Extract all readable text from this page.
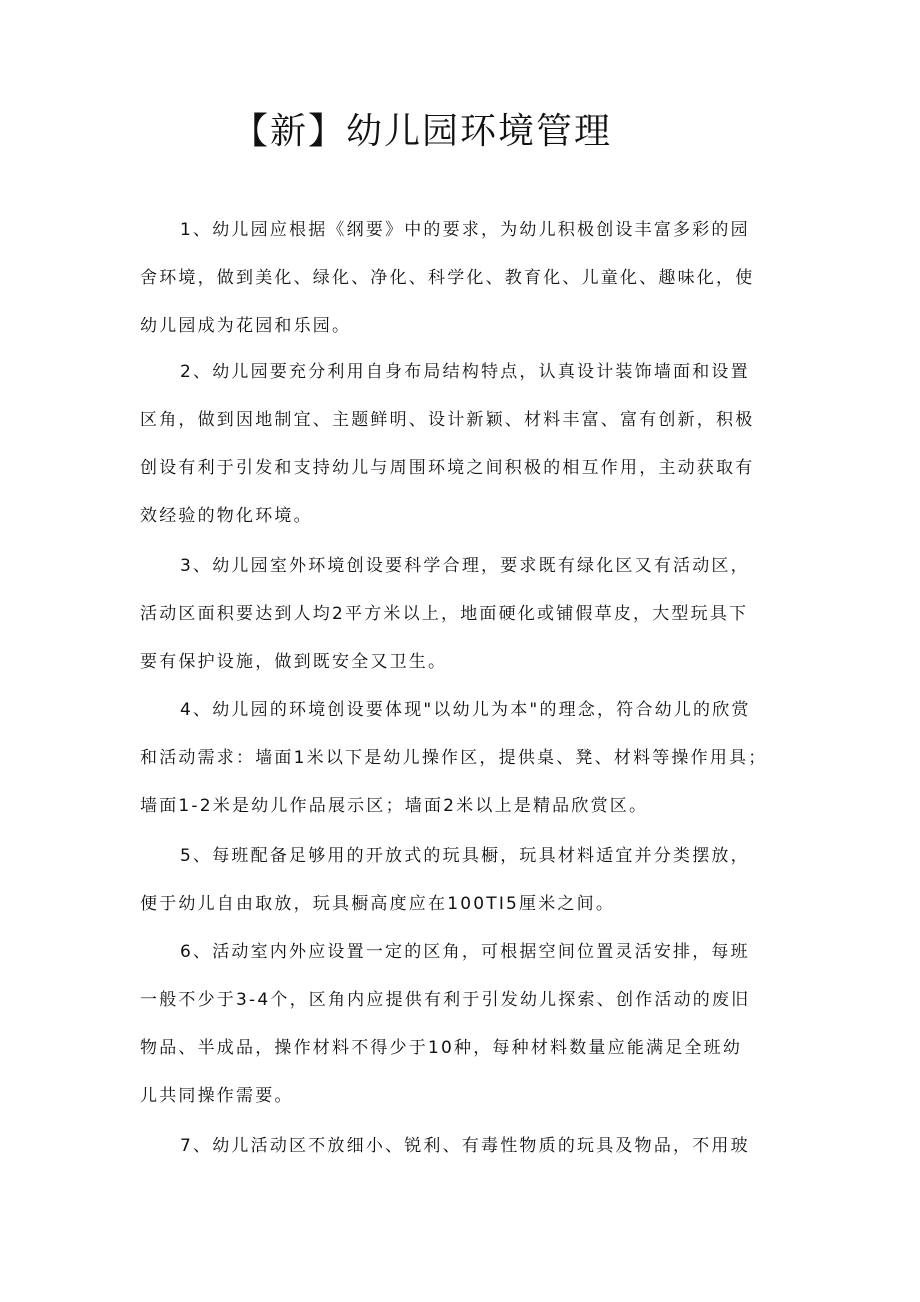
【新】幼儿园环境管理
1、幼儿园应根据《纲要》中的要求，为幼儿积极创设丰富多彩的园
舍环境，做到美化、绿化、净化、科学化、教育化、儿童化、趣味化，使
幼儿园成为花园和乐园。
2、幼儿园要充分利用自身布局结构特点，认真设计装饰墙面和设置
区角，做到因地制宜、主题鲜明、设计新颖、材料丰富、富有创新，积极
创设有利于引发和支持幼儿与周围环境之间积极的相互作用，主动获取有
效经验的物化环境。
3、幼儿园室外环境创设要科学合理，要求既有绿化区又有活动区，
活动区面积要达到人均2平方米以上，地面硬化或铺假草皮，大型玩具下
要有保护设施，做到既安全又卫生。
4、幼儿园的环境创设要体现"以幼儿为本"的理念，符合幼儿的欣赏
和活动需求：墙面1米以下是幼儿操作区，提供桌、凳、材料等操作用具；
墙面1-2米是幼儿作品展示区；墙面2米以上是精品欣赏区。
5、每班配备足够用的开放式的玩具橱，玩具材料适宜并分类摆放，
便于幼儿自由取放，玩具橱高度应在100TI5厘米之间。
6、活动室内外应设置一定的区角，可根据空间位置灵活安排，每班
一般不少于3-4个，区角内应提供有利于引发幼儿探索、创作活动的废旧
物品、半成品，操作材料不得少于10种，每种材料数量应能满足全班幼
儿共同操作需要。
7、幼儿活动区不放细小、锐利、有毒性物质的玩具及物品，不用玻
